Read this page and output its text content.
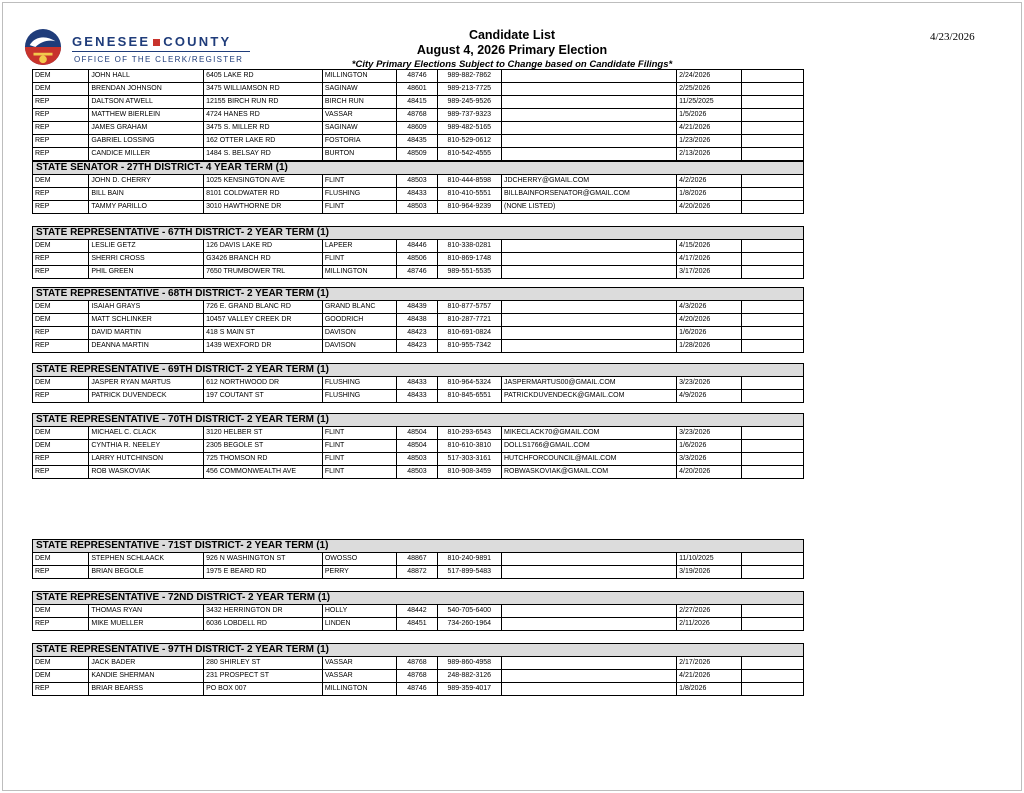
GENESEE COUNTY
OFFICE OF THE CLERK/REGISTER
Candidate List
August 4, 2026 Primary Election
*City Primary Elections Subject to Change based on Candidate Filings*
4/23/2026
DEM	JOHN HALL	6405 LAKE RD	MILLINGTON	48746	989-882-7862		2/24/2026	
DEM	BRENDAN JOHNSON	3475 WILLIAMSON RD	SAGINAW	48601	989-213-7725		2/25/2026	
REP	DALTSON ATWELL	12155 BIRCH RUN RD	BIRCH RUN	48415	989-245-9526		11/25/2025	
REP	MATTHEW BIERLEIN	4724 HANES RD	VASSAR	48768	989-737-9323		1/5/2026	
REP	JAMES GRAHAM	3475 S. MILLER RD	SAGINAW	48609	989-482-5165		4/21/2026	
REP	GABRIEL LOSSING	162 OTTER LAKE RD	FOSTORIA	48435	810-529-0612		1/23/2026	
REP	CANDICE MILLER	1484 S. BELSAY RD	BURTON	48509	810-542-4555		2/13/2026	
STATE SENATOR - 27TH DISTRICT- 4 YEAR TERM (1)
DEM	JOHN D. CHERRY	1025 KENSINGTON AVE	FLINT	48503	810-444-8598	JDCHERRY@GMAIL.COM	4/2/2026	
REP	BILL BAIN	8101 COLDWATER RD	FLUSHING	48433	810-410-5551	BILLBAINFORSENATOR@GMAIL.COM	1/8/2026	
REP	TAMMY PARILLO	3010 HAWTHORNE DR	FLINT	48503	810-964-9239	(NONE LISTED)	4/20/2026	
STATE REPRESENTATIVE - 67TH DISTRICT- 2 YEAR TERM (1)
DEM	LESLIE GETZ	126 DAVIS LAKE RD	LAPEER	48446	810-338-0281		4/15/2026	
REP	SHERRI CROSS	G3426 BRANCH RD	FLINT	48506	810-869-1748		4/17/2026	
REP	PHIL GREEN	7650 TRUMBOWER TRL	MILLINGTON	48746	989-551-5535		3/17/2026	
STATE REPRESENTATIVE - 68TH DISTRICT- 2 YEAR TERM (1)
DEM	ISAIAH GRAYS	726 E. GRAND BLANC RD	GRAND BLANC	48439	810-877-5757		4/3/2026	
DEM	MATT SCHLINKER	10457 VALLEY CREEK DR	GOODRICH	48438	810-287-7721		4/20/2026	
REP	DAVID MARTIN	418 S MAIN ST	DAVISON	48423	810-691-0824		1/6/2026	
REP	DEANNA MARTIN	1439 WEXFORD DR	DAVISON	48423	810-955-7342		1/28/2026	
STATE REPRESENTATIVE - 69TH DISTRICT- 2 YEAR TERM (1)
DEM	JASPER RYAN MARTUS	612 NORTHWOOD DR	FLUSHING	48433	810-964-5324	JASPERMARTUS00@GMAIL.COM	3/23/2026	
REP	PATRICK DUVENDECK	197 COUTANT ST	FLUSHING	48433	810-845-6551	PATRICKDUVENDECK@GMAIL.COM	4/9/2026	
STATE REPRESENTATIVE - 70TH DISTRICT- 2 YEAR TERM (1)
DEM	MICHAEL C. CLACK	3120 HELBER ST	FLINT	48504	810-293-6543	MIKECLACK70@GMAIL.COM	3/23/2026	
DEM	CYNTHIA R. NEELEY	2305 BEGOLE ST	FLINT	48504	810-610-3810	DOLLS1766@GMAIL.COM	1/6/2026	
REP	LARRY HUTCHINSON	725 THOMSON RD	FLINT	48503	517-303-3161	HUTCHFORCOUNCIL@MAIL.COM	3/3/2026	
REP	ROB WASKOVIAK	456 COMMONWEALTH AVE	FLINT	48503	810-908-3459	ROBWASKOVIAK@GMAIL.COM	4/20/2026	
STATE REPRESENTATIVE - 71ST DISTRICT- 2 YEAR TERM (1)
DEM	STEPHEN SCHLAACK	926 N WASHINGTON ST	OWOSSO	48867	810-240-9891		11/10/2025	
REP	BRIAN BEGOLE	1975 E BEARD RD	PERRY	48872	517-899-5483		3/19/2026	
STATE REPRESENTATIVE - 72ND DISTRICT- 2 YEAR TERM (1)
DEM	THOMAS RYAN	3432 HERRINGTON DR	HOLLY	48442	540-705-6400		2/27/2026	
REP	MIKE MUELLER	6036 LOBDELL RD	LINDEN	48451	734-260-1964		2/11/2026	
STATE REPRESENTATIVE - 97TH DISTRICT- 2 YEAR TERM (1)
DEM	JACK BADER	280 SHIRLEY ST	VASSAR	48768	989-860-4958		2/17/2026	
DEM	KANDIE SHERMAN	231 PROSPECT ST	VASSAR	48768	248-882-3126		4/21/2026	
REP	BRIAR BEARSS	PO BOX 007	MILLINGTON	48746	989-359-4017		1/8/2026	
